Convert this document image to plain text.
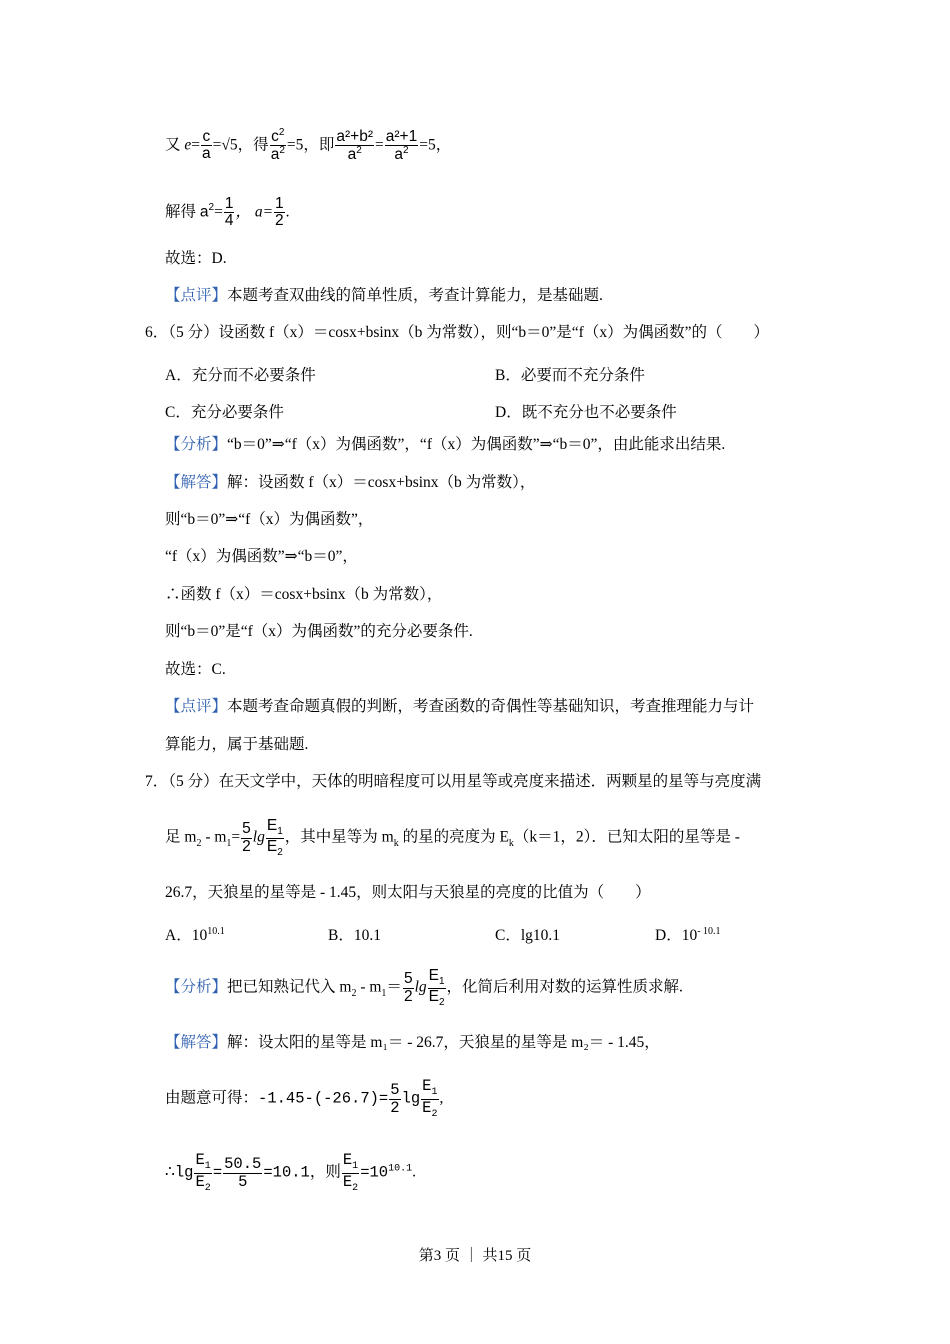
又 $e= \frac{c}{a} =√5$，得 $\frac{c^2}{a^2} =5$，即 $\frac{\text{a²+b²}}{a^2} = \frac{\text{a²+1}}{a^2} =5$，
解得 $a^2= \frac{1}{4}$ ， $a= \frac{1}{2}$ .
故选：D.
【点评】本题考查双曲线的简单性质，考查计算能力，是基础题.
6．（5 分）设函数 f（x）＝cosx+bsinx（b 为常数），则“b＝0”是“f（x）为偶函数”的（　　）
A．充分而不必要条件	B．必要而不充分条件
C．充分必要条件	D．既不充分也不必要条件
【分析】“b＝0”⇒“f（x）为偶函数”，“f（x）为偶函数”⇒“b＝0”，由此能求出结果.
【解答】解：设函数 f（x）＝cosx+bsinx（b 为常数），
则“b＝0”⇒“f（x）为偶函数”，
“f（x）为偶函数”⇒“b＝0”，
∴函数 f（x）＝cosx+bsinx（b 为常数），
则“b＝0”是“f（x）为偶函数”的充分必要条件.
故选：C.
【点评】本题考查命题真假的判断，考查函数的奇偶性等基础知识，考查推理能力与计
算能力，属于基础题.
7．（5 分）在天文学中，天体的明暗程度可以用星等或亮度来描述．两颗星的星等与亮度满
足 $m_2 - m_1= \frac{5}{2}$ $\lg \frac{E_1}{E_2}$ ，其中星等为 $m_k$ 的星的亮度为 $E_k(k=1$，2）．已知太阳的星等是 -
26.7，天狼星的星等是 - 1.45，则太阳与天狼星的亮度的比值为（　　）
A．$10^{10.1}$	B．10.1	C．lg10.1	D．$10^{- 10.1}$
【分析】把已知熟记代入 $m_2 - m_1= \frac{5}{2}$ $\lg \frac{E_1}{E_2}$ ，化简后利用对数的运算性质求解.
【解答】解：设太阳的星等是 m₁＝ - 26.7，天狼星的星等是 m₂＝ - 1.45，
由题意可得：$-1.45-(-26.7)= \frac{5}{2}$ $\lg \frac{E_1}{E_2}$ ,
∴lg $\frac{E_1}{E_2} = \frac{50.5}{5} =10.1$，则 $\frac{E_1}{E_2} =10^{10.1}$.
第3 页 ｜ 共15 页
